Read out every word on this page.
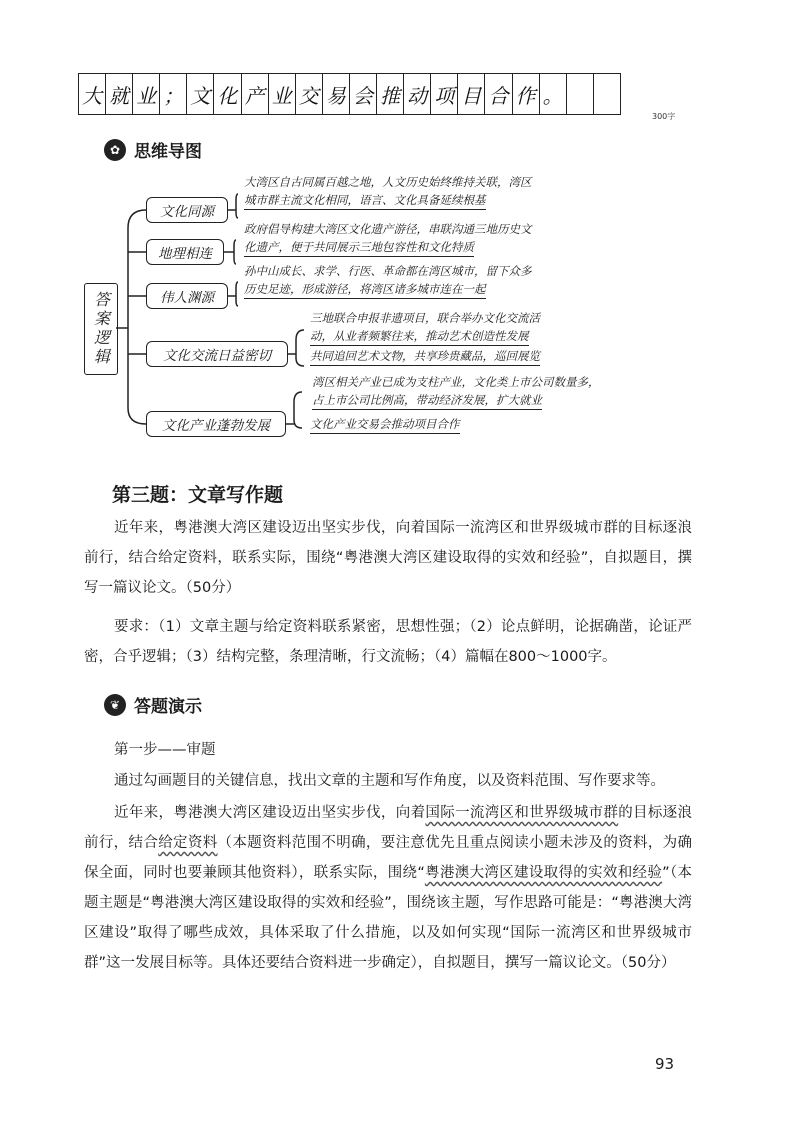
大 就 业 ； 文 化 产 业 交 易 会 推 动 项 目 合 作 。
300字
✿ 思维导图
答案逻辑
文化同源
地理相连
伟人渊源
文化交流日益密切
文化产业蓬勃发展
大湾区自古同属百越之地，人文历史始终维持关联，湾区
城市群主流文化相同，语言、文化具备延续根基
政府倡导构建大湾区文化遗产游径，串联沟通三地历史文
化遗产，便于共同展示三地包容性和文化特质
孙中山成长、求学、行医、革命都在湾区城市，留下众多
历史足迹，形成游径，将湾区诸多城市连在一起
三地联合申报非遗项目，联合举办文化交流活
动，从业者频繁往来，推动艺术创造性发展
共同追回艺术文物，共享珍贵藏品，巡回展览
湾区相关产业已成为支柱产业，文化类上市公司数量多，
占上市公司比例高，带动经济发展，扩大就业
文化产业交易会推动项目合作
第三题：文章写作题
近年来，粤港澳大湾区建设迈出坚实步伐，向着国际一流湾区和世界级城市群的目标逐浪前行，结合给定资料，联系实际，围绕“粤港澳大湾区建设取得的实效和经验”，自拟题目，撰写一篇议论文。（50分）
要求：（1）文章主题与给定资料联系紧密，思想性强；（2）论点鲜明，论据确凿，论证严密，合乎逻辑；（3）结构完整，条理清晰，行文流畅；（4）篇幅在800～1000字。
❦ 答题演示
第一步——审题
通过勾画题目的关键信息，找出文章的主题和写作角度，以及资料范围、写作要求等。
近年来，粤港澳大湾区建设迈出坚实步伐，向着国际一流湾区和世界级城市群的目标逐浪前行，结合给定资料（本题资料范围不明确，要注意优先且重点阅读小题未涉及的资料，为确保全面，同时也要兼顾其他资料），联系实际，围绕“粤港澳大湾区建设取得的实效和经验”（本题主题是“粤港澳大湾区建设取得的实效和经验”，围绕该主题，写作思路可能是：“粤港澳大湾区建设”取得了哪些成效，具体采取了什么措施，以及如何实现“国际一流湾区和世界级城市群”这一发展目标等。具体还要结合资料进一步确定），自拟题目，撰写一篇议论文。（50分）
93
